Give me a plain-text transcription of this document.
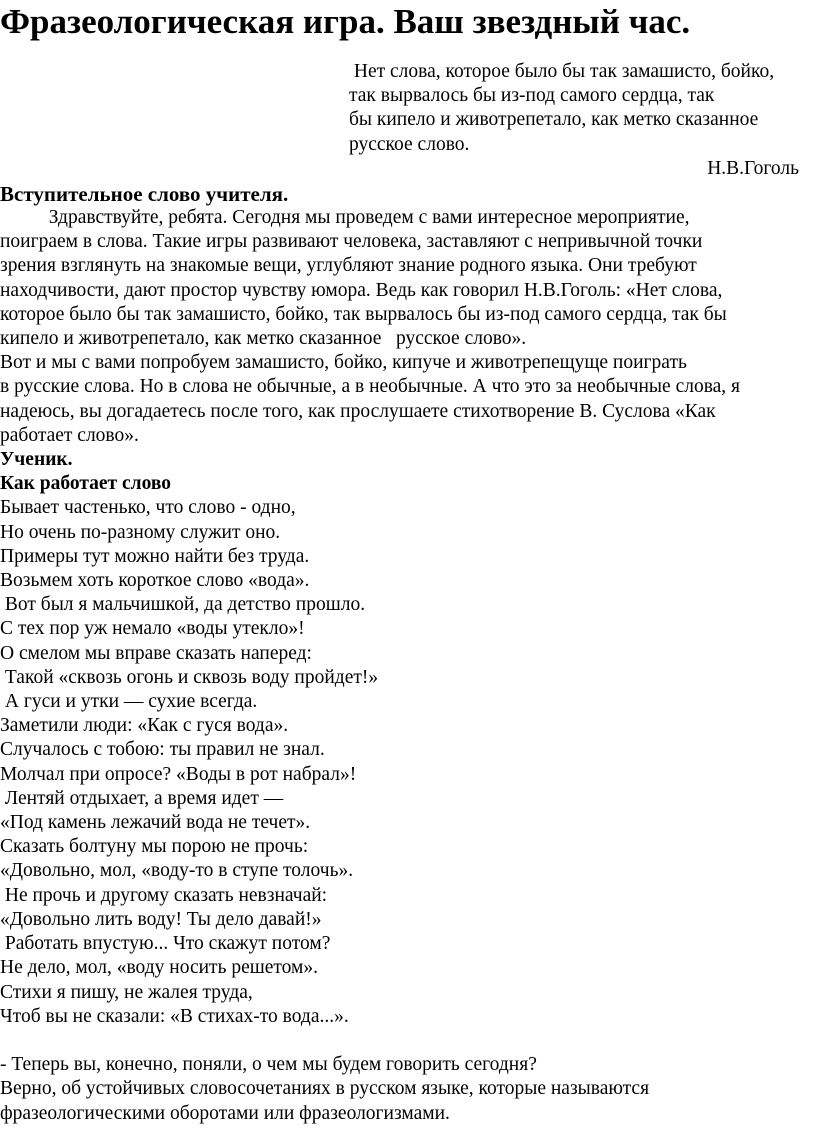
Фразеологическая игра. Ваш звездный час.
Нет слова, которое было бы так замашисто, бойко,
так вырвалось бы из-под самого сердца, так
бы кипело и животрепетало, как метко сказанное
русское слово.
Н.В.Гоголь
Вступительное слово учителя.
Здравствуйте, ребята. Сегодня мы проведем с вами интересное мероприятие,
поиграем в слова. Такие игры развивают человека, заставляют с непривычной точки
зрения взглянуть на знакомые вещи, углубляют знание родного языка. Они требуют
находчивости, дают простор чувству юмора. Ведь как говорил Н.В.Гоголь: «Нет слова,
которое было бы так замашисто, бойко, так вырвалось бы из-под самого сердца, так бы
кипело и животрепетало, как метко сказанное   русское слово».
Вот и мы с вами попробуем замашисто, бойко, кипуче и животрепещуще поиграть
в русские слова. Но в слова не обычные, а в необычные. А что это за необычные слова, я
надеюсь, вы догадаетесь после того, как прослушаете стихотворение В. Суслова «Как
работает слово».
Ученик.
Как работает слово
Бывает частенько, что слово - одно,
Но очень по-разному служит оно.
Примеры тут можно найти без труда.
Возьмем хоть короткое слово «вода».
Вот был я мальчишкой, да детство прошло.
С тех пор уж немало «воды утекло»!
О смелом мы вправе сказать наперед:
Такой «сквозь огонь и сквозь воду пройдет!»
А гуси и утки — сухие всегда.
Заметили люди: «Как с гуся вода».
Случалось с тобою: ты правил не знал.
Молчал при опросе? «Воды в рот набрал»!
Лентяй отдыхает, а время идет —
«Под камень лежачий вода не течет».
Сказать болтуну мы порою не прочь:
«Довольно, мол, «воду-то в ступе толочь».
Не прочь и другому сказать невзначай:
«Довольно лить воду! Ты дело давай!»
Работать впустую... Что скажут потом?
Не дело, мол, «воду носить решетом».
Стихи я пишу, не жалея труда,
Чтоб вы не сказали: «В стихах-то вода...».
- Теперь вы, конечно, поняли, о чем мы будем говорить сегодня?
Верно, об устойчивых словосочетаниях в русском языке, которые называются
фразеологическими оборотами или фразеологизмами.
